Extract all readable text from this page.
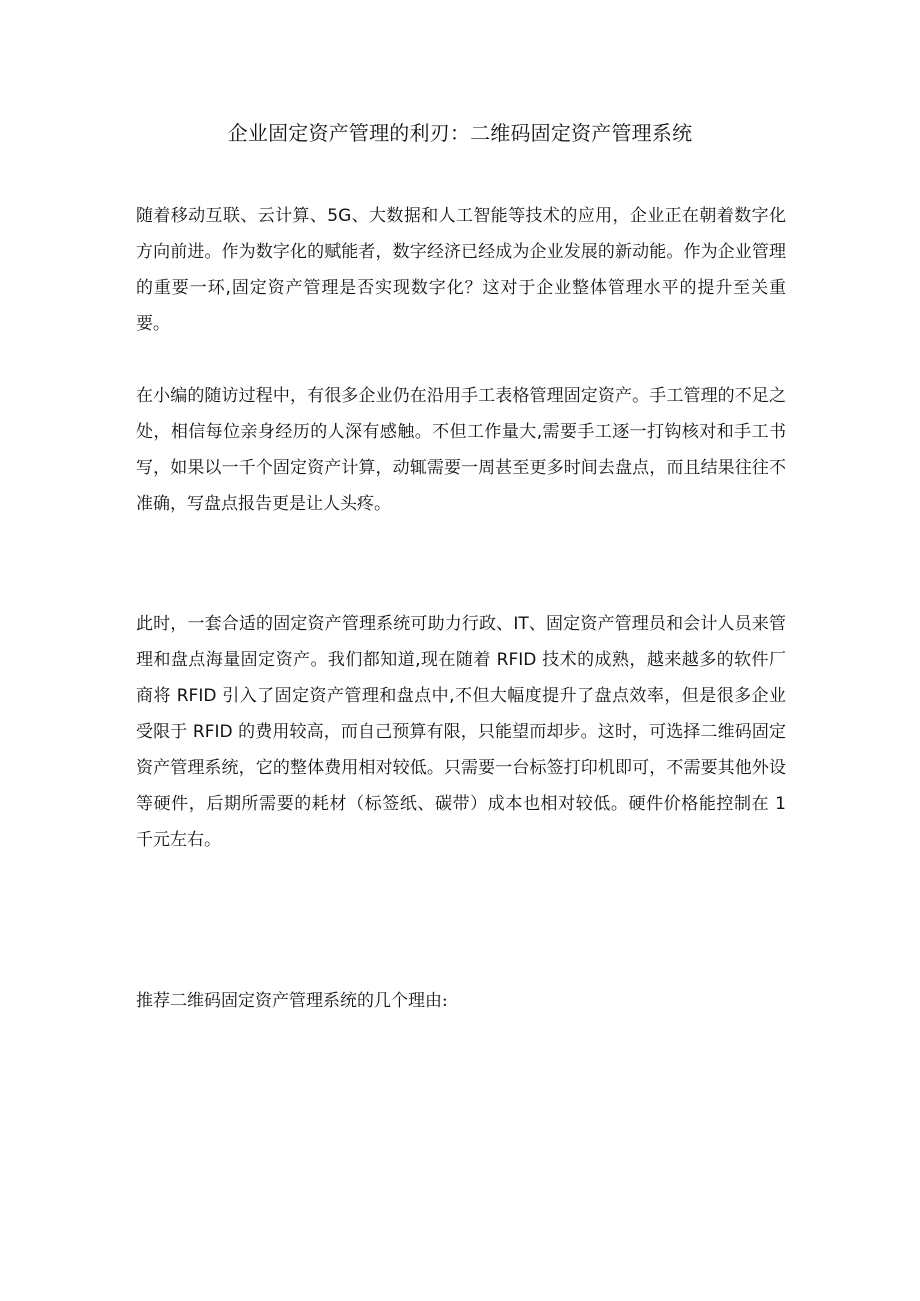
企业固定资产管理的利刃：二维码固定资产管理系统

随着移动互联、云计算、5G、大数据和人工智能等技术的应用，企业正在朝着数字化方向前进。作为数字化的赋能者，数字经济已经成为企业发展的新动能。作为企业管理的重要一环,固定资产管理是否实现数字化？这对于企业整体管理水平的提升至关重要。

在小编的随访过程中，有很多企业仍在沿用手工表格管理固定资产。手工管理的不足之处，相信每位亲身经历的人深有感触。不但工作量大,需要手工逐一打钩核对和手工书写，如果以一千个固定资产计算，动辄需要一周甚至更多时间去盘点，而且结果往往不准确，写盘点报告更是让人头疼。

此时，一套合适的固定资产管理系统可助力行政、IT、固定资产管理员和会计人员来管理和盘点海量固定资产。我们都知道,现在随着 RFID 技术的成熟，越来越多的软件厂商将 RFID 引入了固定资产管理和盘点中,不但大幅度提升了盘点效率，但是很多企业受限于 RFID 的费用较高，而自己预算有限，只能望而却步。这时，可选择二维码固定资产管理系统，它的整体费用相对较低。只需要一台标签打印机即可，不需要其他外设等硬件，后期所需要的耗材（标签纸、碳带）成本也相对较低。硬件价格能控制在 1 千元左右。

推荐二维码固定资产管理系统的几个理由:
